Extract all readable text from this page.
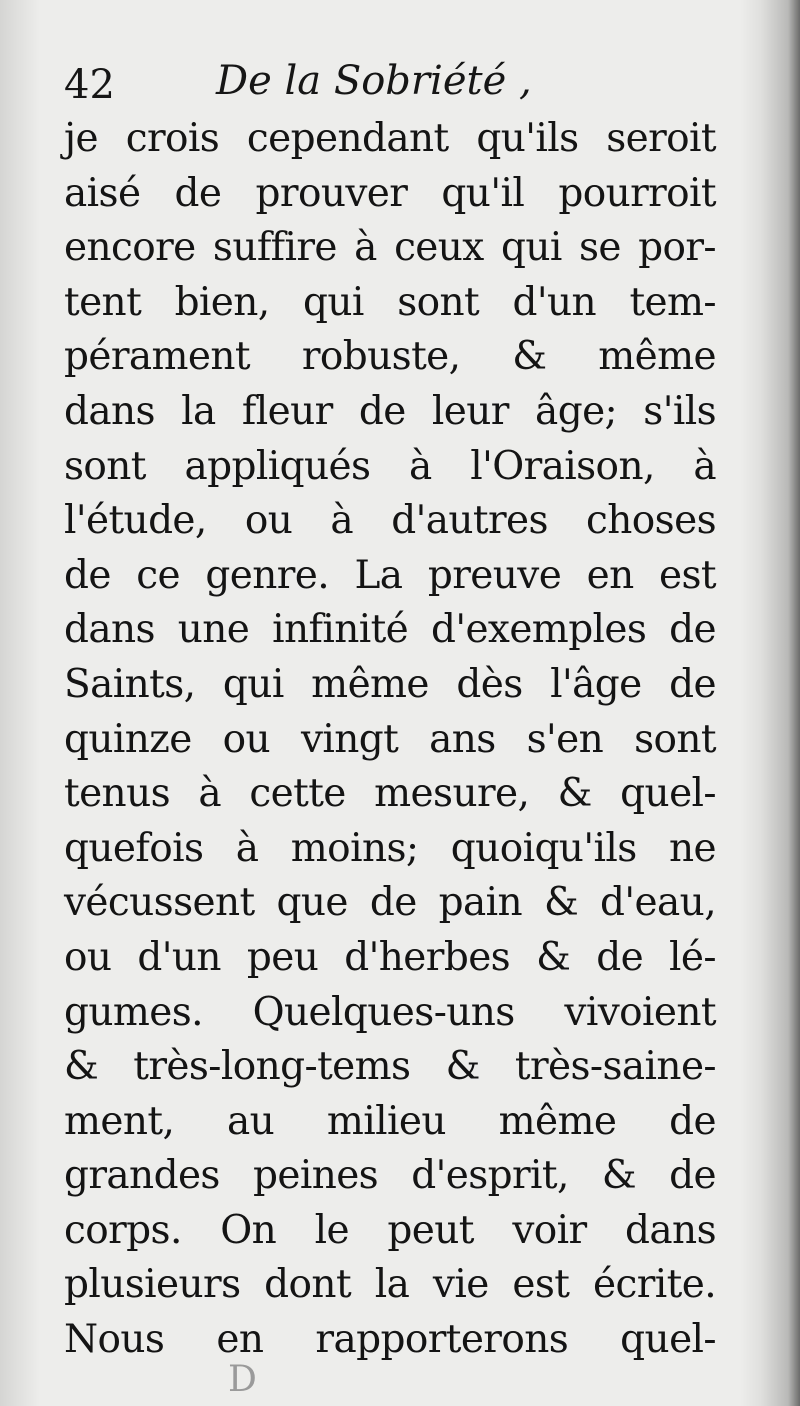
42	De la Sobriété ,
je crois cependant qu'ils seroit
aisé de prouver qu'il pourroit
encore suffire à ceux qui se por-
tent bien, qui sont d'un tem-
pérament robuste, & même
dans la fleur de leur âge; s'ils
sont appliqués à l'Oraison, à
l'étude, ou à d'autres choses
de ce genre. La preuve en est
dans une infinité d'exemples de
Saints, qui même dès l'âge de
quinze ou vingt ans s'en sont
tenus à cette mesure, & quel-
quefois à moins; quoiqu'ils ne
vécussent que de pain & d'eau,
ou d'un peu d'herbes & de lé-
gumes. Quelques-uns vivoient
& très-long-tems & très-saine-
ment, au milieu même de
grandes peines d'esprit, & de
corps. On le peut voir dans
plusieurs dont la vie est écrite.
Nous en rapporterons quel-
D
